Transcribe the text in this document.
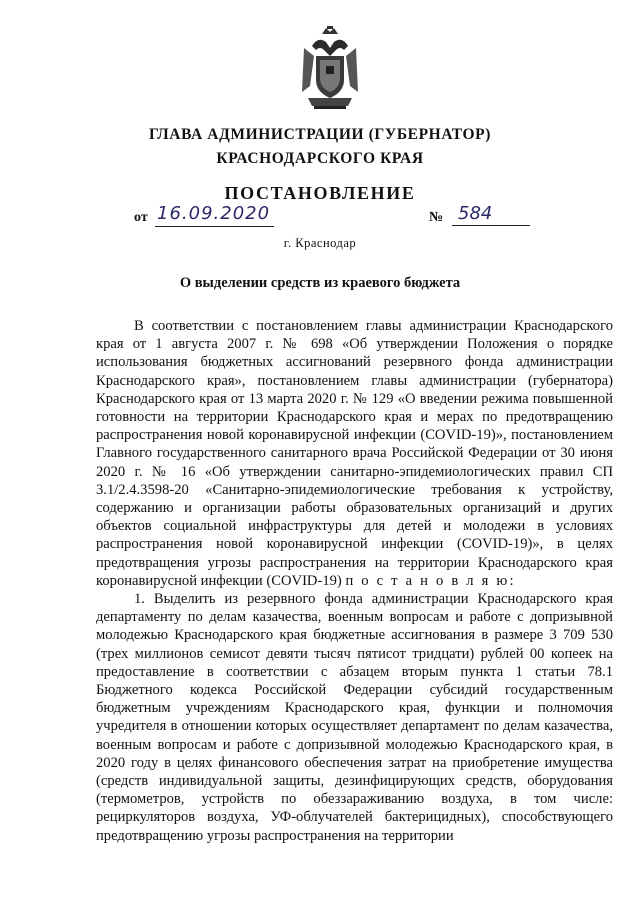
ГЛАВА АДМИНИСТРАЦИИ (ГУБЕРНАТОР)
КРАСНОДАРСКОГО КРАЯ
ПОСТАНОВЛЕНИЕ
от 16.09.2020	№ 584
г. Краснодар
О выделении средств из краевого бюджета

В соответствии с постановлением главы администрации Краснодарского края от 1 августа 2007 г. № 698 «Об утверждении Положения о порядке использования бюджетных ассигнований резервного фонда администрации Краснодарского края», постановлением главы администрации (губернатора) Краснодарского края от 13 марта 2020 г. № 129 «О введении режима повышенной готовности на территории Краснодарского края и мерах по предотвращению распространения новой коронавирусной инфекции (COVID-19)», постановлением Главного государственного санитарного врача Российской Федерации от 30 июня 2020 г. № 16 «Об утверждении санитарно-эпидемиологических правил СП 3.1/2.4.3598-20 «Санитарно-эпидемиологические требования к устройству, содержанию и организации работы образовательных организаций и других объектов социальной инфраструктуры для детей и молодежи в условиях распространения новой коронавирусной инфекции (COVID-19)», в целях предотвращения угрозы распространения на территории Краснодарского края коронавирусной инфекции (COVID-19) п о с т а н о в л я ю:

1. Выделить из резервного фонда администрации Краснодарского края департаменту по делам казачества, военным вопросам и работе с допризывной молодежью Краснодарского края бюджетные ассигнования в размере 3 709 530 (трех миллионов семисот девяти тысяч пятисот тридцати) рублей 00 копеек на предоставление в соответствии с абзацем вторым пункта 1 статьи 78.1 Бюджетного кодекса Российской Федерации субсидий государственным бюджетным учреждениям Краснодарского края, функции и полномочия учредителя в отношении которых осуществляет департамент по делам казачества, военным вопросам и работе с допризывной молодежью Краснодарского края, в 2020 году в целях финансового обеспечения затрат на приобретение имущества (средств индивидуальной защиты, дезинфицирующих средств, оборудования (термометров, устройств по обеззараживанию воздуха, в том числе: рециркуляторов воздуха, УФ-облучателей бактерицидных), способствующего предотвращению угрозы распространения на территории
